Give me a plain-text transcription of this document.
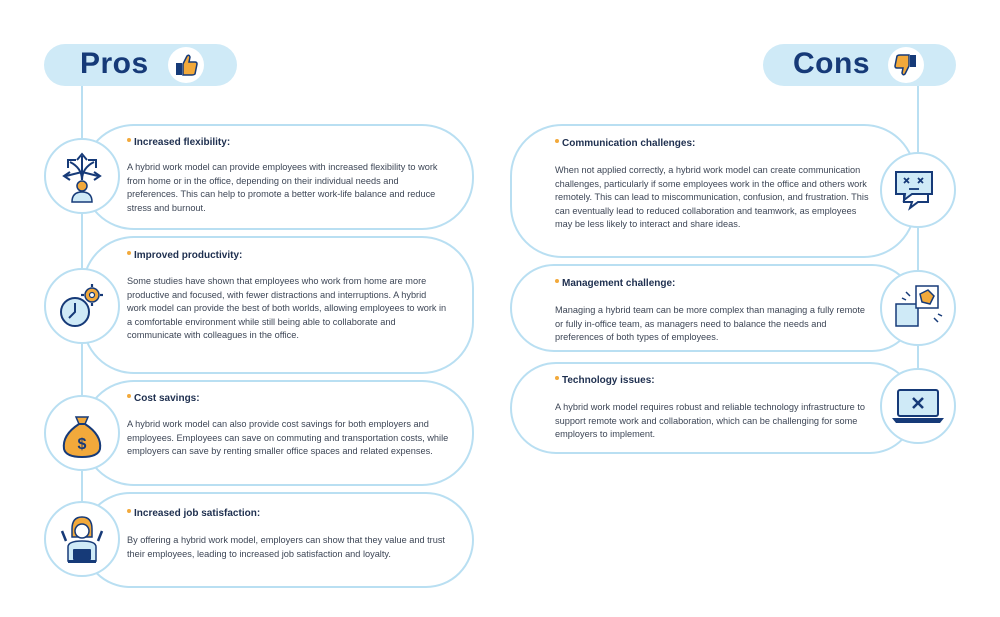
Pros	Cons
Increased flexibility:
A hybrid work model can provide employees with increased flexibility to work from home or in the office, depending on their individual needs and preferences. This can help to promote a better work-life balance and reduce stress and burnout.
Improved productivity:
Some studies have shown that employees who work from home are more productive and focused, with fewer distractions and interruptions. A hybrid work model can provide the best of both worlds, allowing employees to work in a comfortable environment while still being able to collaborate and communicate with colleagues in the office.
Cost savings:
A hybrid work model can also provide cost savings for both employers and employees. Employees can save on commuting and transportation costs, while employers can save by renting smaller office spaces and related expenses.
$
Increased job satisfaction:
By offering a hybrid work model, employers can show that they value and trust their employees, leading to increased job satisfaction and loyalty.
Communication challenges:
When not applied correctly, a hybrid work model can create communication challenges, particularly if some employees work in the office and others work remotely. This can lead to miscommunication, confusion, and frustration. This can eventually lead to reduced collaboration and teamwork, as employees may be less likely to interact and share ideas.
Management challenge:
Managing a hybrid team can be more complex than managing a fully remote or fully in-office team, as managers need to balance the needs and preferences of both types of employees.
Technology issues:
A hybrid work model requires robust and reliable technology infrastructure to support remote work and collaboration, which can be challenging for some employers to implement.
